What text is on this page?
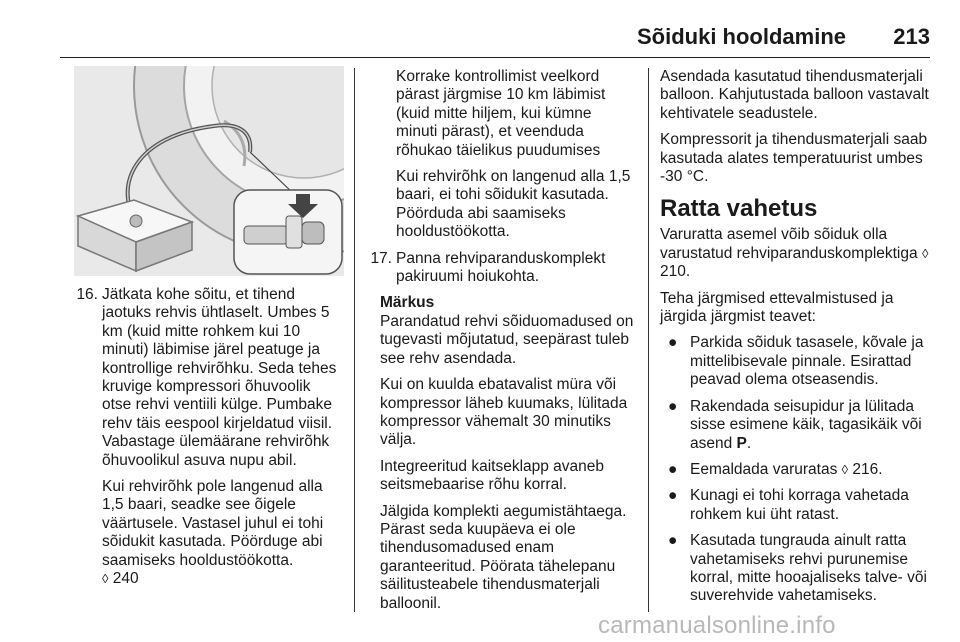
Sõiduki hooldamine 213
16. Jätkata kohe sõitu, et tihend jaotuks rehvis ühtlaselt. Umbes 5 km (kuid mitte rohkem kui 10 minuti) läbimise järel peatuge ja kontrollige rehvirõhku. Seda tehes kruvige kompressori õhuvoolik otse rehvi ventiili külge. Pumbake rehv täis eespool kirjeldatud viisil. Vabastage ülemäärane rehvirõhk õhuvoolikul asuva nupu abil.

Kui rehvirõhk pole langenud alla 1,5 baari, seadke see õigele väärtusele. Vastasel juhul ei tohi sõidukit kasutada. Pöörduge abi saamiseks hooldustöökotta.
◊ 240

Korrake kontrollimist veelkord pärast järgmise 10 km läbimist (kuid mitte hiljem, kui kümne minuti pärast), et veenduda rõhukao täielikus puudumises

Kui rehvirõhk on langenud alla 1,5 baari, ei tohi sõidukit kasutada. Pöörduda abi saamiseks hooldustöökotta.

17. Panna rehviparanduskomplekt pakiruumi hoiukohta.

Märkus

Parandatud rehvi sõiduomadused on tugevasti mõjutatud, seepärast tuleb see rehv asendada.

Kui on kuulda ebatavalist müra või kompressor läheb kuumaks, lülitada kompressor vähemalt 30 minutiks välja.

Integreeritud kaitseklapp avaneb seitsmebaarise rõhu korral.

Jälgida komplekti aegumistähtaega. Pärast seda kuupäeva ei ole tihendusomadused enam garanteeritud. Pöörata tähelepanu säilitusteabele tihendusmaterjali balloonil.

Asendada kasutatud tihendusmaterjali balloon. Kahjutustada balloon vastavalt kehtivatele seadustele.

Kompressorit ja tihendusmaterjali saab kasutada alates temperatuurist umbes -30 °C.

Ratta vahetus

Varuratta asemel võib sõiduk olla varustatud rehviparanduskomplektiga ◊ 210.

Teha järgmised ettevalmistused ja järgida järgmist teavet:

● Parkida sõiduk tasasele, kõvale ja mittelibisevale pinnale. Esirattad peavad olema otseasendis.
● Rakendada seisupidur ja lülitada sisse esimene käik, tagasikäik või asend P.
● Eemaldada varuratas ◊ 216.
● Kunagi ei tohi korraga vahetada rohkem kui üht ratast.
● Kasutada tungrauda ainult ratta vahetamiseks rehvi purunemise korral, mitte hooajaliseks talve- või suverehvide vahetamiseks.
carmanualsonline.info
